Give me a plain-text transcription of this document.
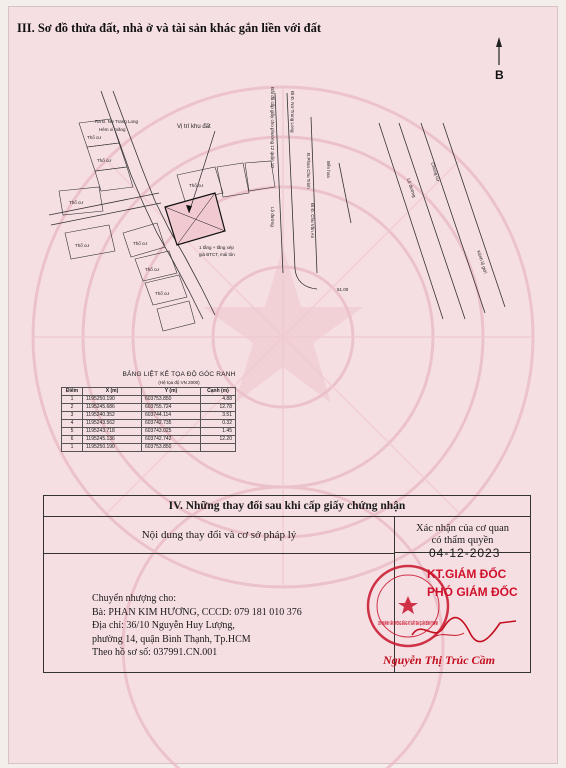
III. Sơ đồ thửa đất, nhà ở và tài sản khác gắn liền với đất
B
Ra Đ. Nơ Trang Long
Hẻm xi măng	Vị trí khu đất
Thổ cư
Thổ cư
Thổ cư
Thổ cư	Thổ cư
Thổ cư
Thổ cư
Thổ cư
1 tầng + tầng xép
giả BTCT, mái tôn
Đất đã cấp giấy cho phường 12 quận 10	Đi Đ. Nơ Trang Long
Đ.Phan Chu Trinh	Bến hoa
Đi Đ. Chu Văn An
Lộ đường
Lộ đường
Chung cư
Kênh lộ giới
51.00
BẢNG LIỆT KÊ TỌA ĐỘ GÓC RANH
(Hệ tọa độ VN 2000)
Điểm	X (m)	Y (m)	Cạnh (m)
1	1195250.190	603753.850	4.88
2	1195245.686	603755.724	12.78
3	1195240.352	603744.114	3.51
4	1195243.562	603742.735	0.32
5	1195243.718	603743.025	1.45
6	1195245.136	603742.742	12.20
1	1195250.190	603753.850	
IV. Những thay đổi sau khi cấp giấy chứng nhận
Nội dung thay đổi và cơ sở pháp lý
Xác nhận của cơ quan
có thẩm quyền
Chuyển nhượng cho:
Bà: PHAN KIM HƯƠNG, CCCD: 079 181 010 376
Địa chỉ: 36/10 Nguyễn Huy Lượng,
phường 14, quận Bình Thạnh, Tp.HCM
Theo hồ sơ số: 037991.CN.001
04-12-2023
CHI NHÁNH VĂN PHÒNG ĐĂNG KÝ ĐẤT ĐAI QUẬN BÌNH THẠNH
KT.GIÁM ĐỐC
PHÓ GIÁM ĐỐC
Nguyễn Thị Trúc Cầm
